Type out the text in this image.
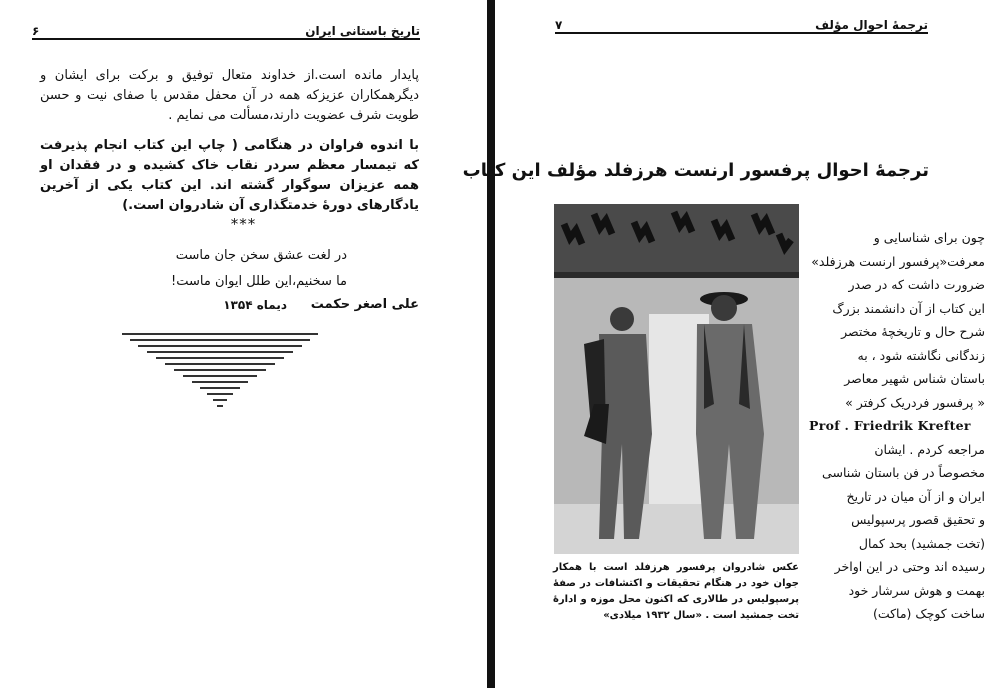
تاریخ باستانی ایران
۶
پایدار مانده است.از خداوند متعال توفیق و برکت برای ایشان و دیگرهمکاران عزیزکه همه در آن محفل مقدس با صفای نیت و حسن طویت شرف عضویت دارند،مسألت می نمایم .
با اندوه فراوان در هنگامی ( چاپ این کتاب انجام پذیرفت که تیمسار معظم سردر نقاب خاک کشیده و در فقدان او همه عزیزان سوگوار گشته اند. این کتاب یکی از آخرین یادگارهای دورهٔ خدمتگذاری آن شادروان است.)
***
در لغت عشق سخن جان ماست
ما سخنیم،این طلل ایوان ماست!
علی اصغر حکمت
دیماه ۱۳۵۴
ترجمهٔ احوال مؤلف
۷
ترجمهٔ احوال پرفسور ارنست هرزفلد مؤلف این کتاب
عکس شادروان پرفسور هرزفلد است با همکار جوان خود در هنگام تحقیقات و اکتشافات در صفهٔ پرسپولیس در طالاری که اکنون محل موزه و ادارهٔ تخت جمشید است . «سال ۱۹۳۲ میلادی»
چون برای شناسایی و
معرفت«پرفسور ارنست هرزفلد»
ضرورت داشت که در صدر
این کتاب از آن دانشمند بزرگ
شرح حال و تاریخچهٔ مختصر
زندگانی نگاشته شود ، به
باستان شناس شهیر معاصر
« پرفسور فردریک کرفتر »
Prof . Friedrik Krefter
مراجعه کردم . ایشان
مخصوصاً در فن باستان شناسی
ایران و از آن میان در تاریخ
و تحقیق قصور پرسپولیس
(تخت جمشید) بحد کمال
رسیده اند وحتی در این اواخر
بهمت و هوش سرشار خود
ساخت کوچک (ماکت)
